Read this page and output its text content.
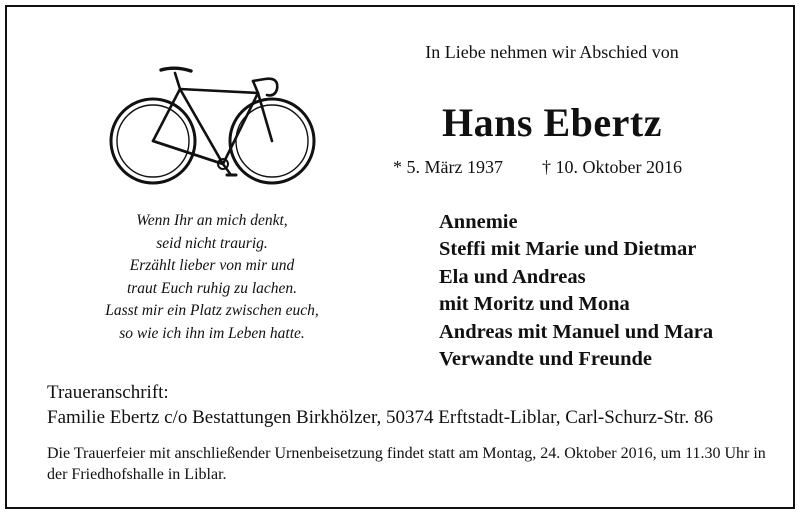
In Liebe nehmen wir Abschied von
Hans Ebertz
* 5. März 1937 † 10. Oktober 2016
Wenn Ihr an mich denkt,
seid nicht traurig.
Erzählt lieber von mir und
traut Euch ruhig zu lachen.
Lasst mir ein Platz zwischen euch,
so wie ich ihn im Leben hatte.
Annemie
Steffi mit Marie und Dietmar
Ela und Andreas
mit Moritz und Mona
Andreas mit Manuel und Mara
Verwandte und Freunde
Traueranschrift:
Familie Ebertz c/o Bestattungen Birkhölzer, 50374 Erftstadt-Liblar, Carl-Schurz-Str. 86
Die Trauerfeier mit anschließender Urnenbeisetzung findet statt am Montag, 24. Oktober 2016, um 11.30 Uhr in der Friedhofshalle in Liblar.
